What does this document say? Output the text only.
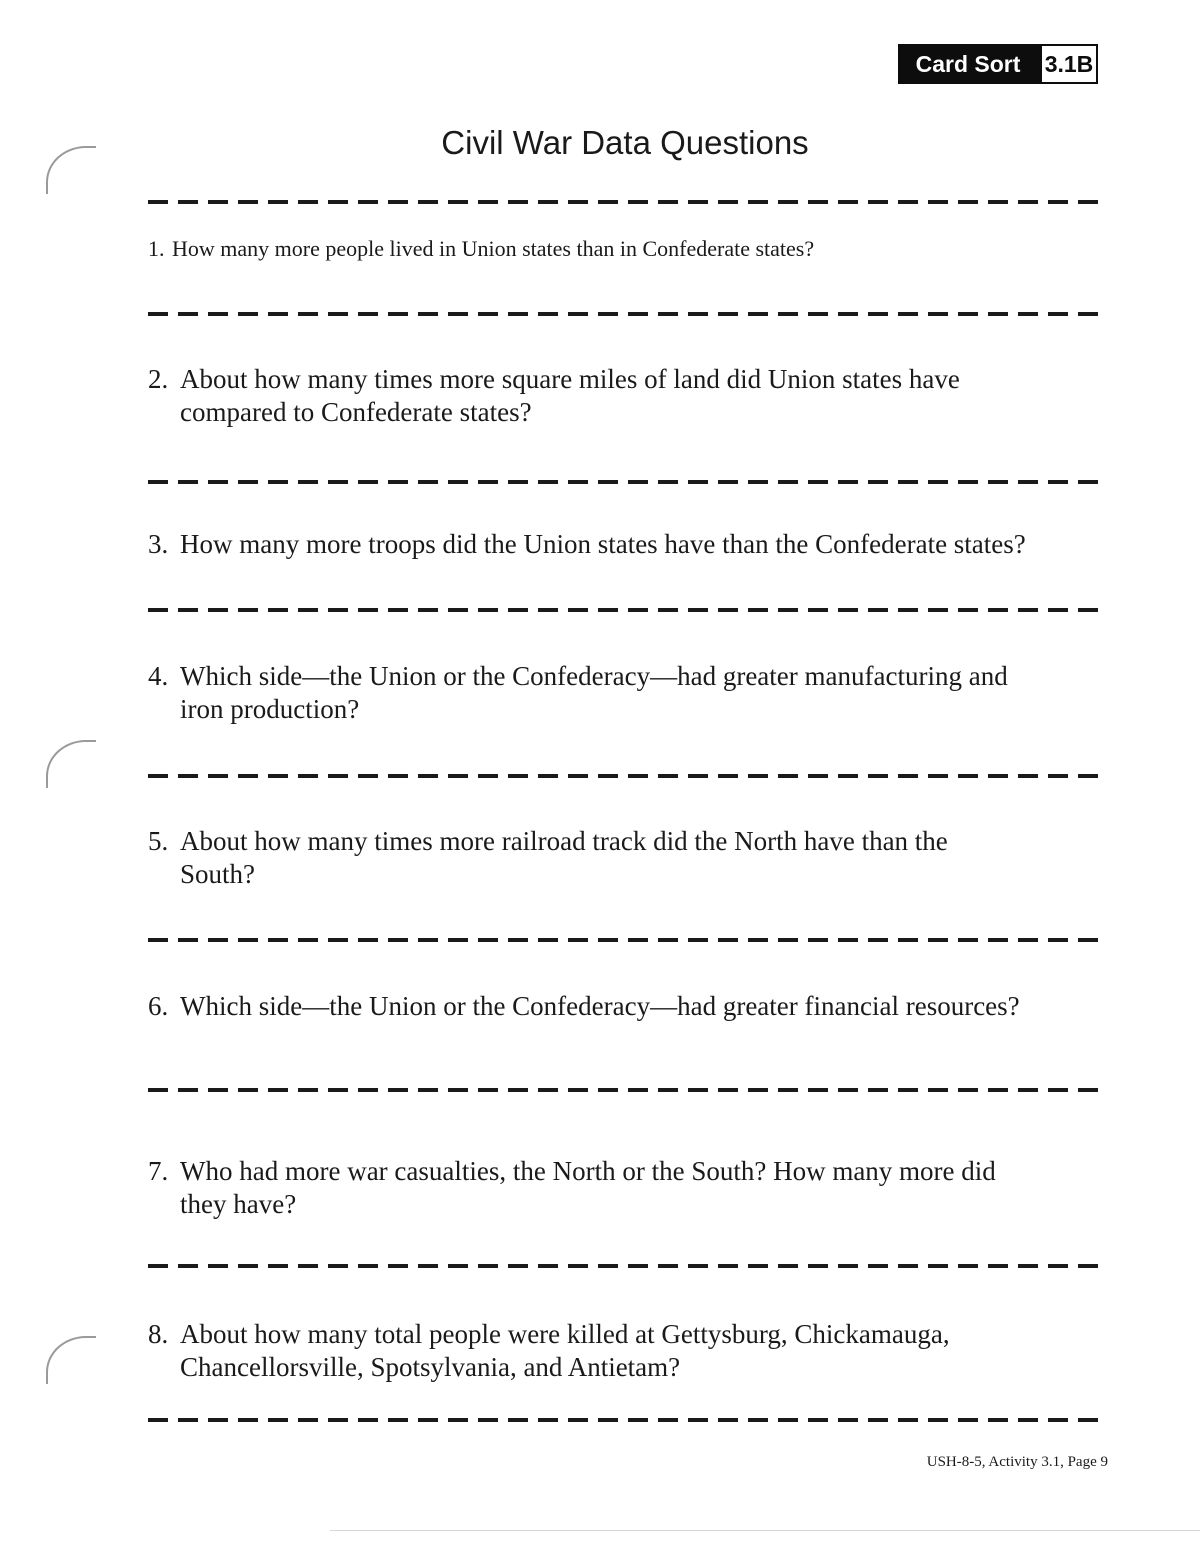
Card Sort	3.1B
Civil War Data Questions
1. How many more people lived in Union states than in Confederate states?
2. About how many times more square miles of land did Union states have compared to Confederate states?
3. How many more troops did the Union states have than the Confederate states?
4. Which side—the Union or the Confederacy—had greater manufacturing and iron production?
5. About how many times more railroad track did the North have than the South?
6. Which side—the Union or the Confederacy—had greater financial resources?
7. Who had more war casualties, the North or the South? How many more did they have?
8. About how many total people were killed at Gettysburg, Chickamauga, Chancellorsville, Spotsylvania, and Antietam?
USH-8-5, Activity 3.1, Page 9
